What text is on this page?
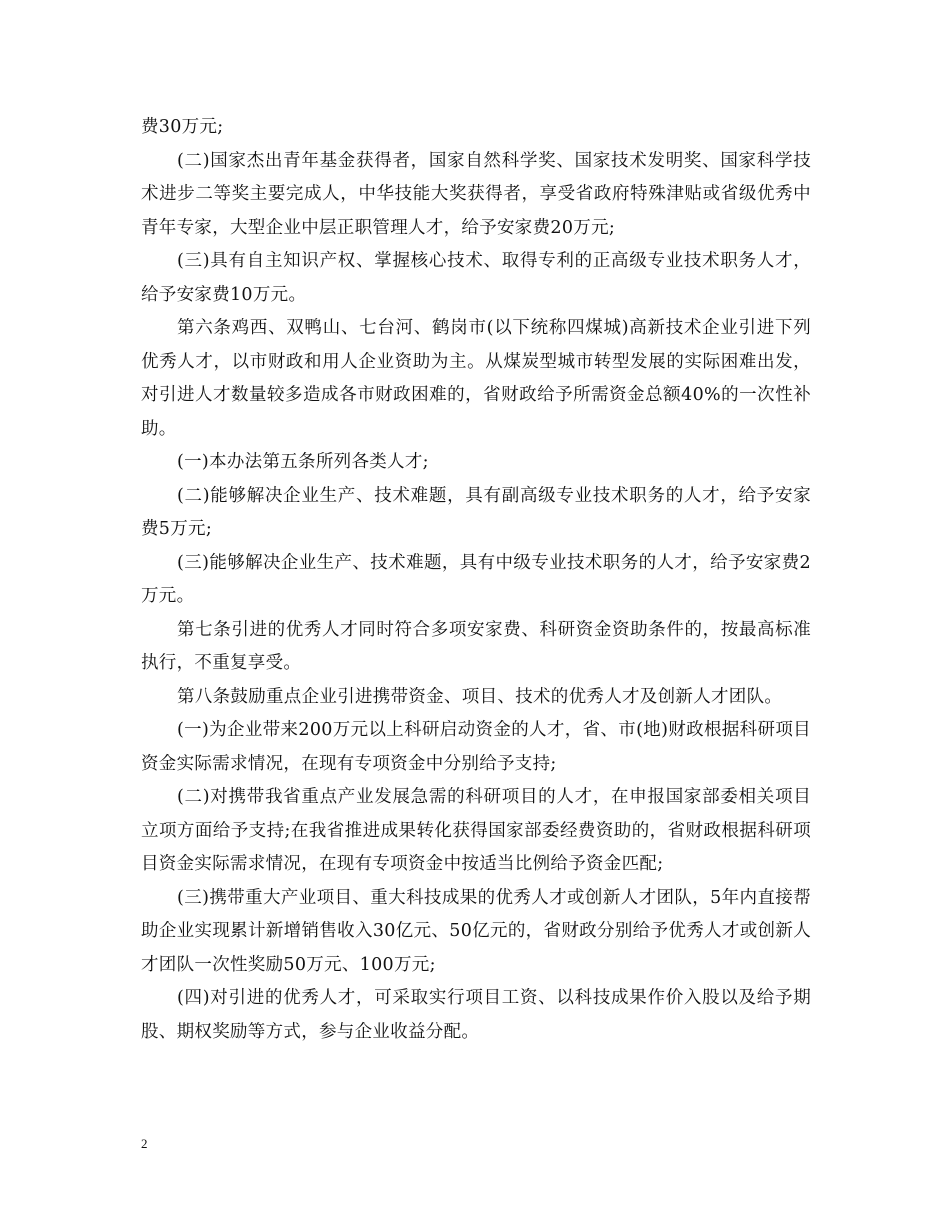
费30万元;

(二)国家杰出青年基金获得者，国家自然科学奖、国家技术发明奖、国家科学技术进步二等奖主要完成人，中华技能大奖获得者，享受省政府特殊津贴或省级优秀中青年专家，大型企业中层正职管理人才，给予安家费20万元;

(三)具有自主知识产权、掌握核心技术、取得专利的正高级专业技术职务人才，给予安家费10万元。

第六条鸡西、双鸭山、七台河、鹤岗市(以下统称四煤城)高新技术企业引进下列优秀人才，以市财政和用人企业资助为主。从煤炭型城市转型发展的实际困难出发，对引进人才数量较多造成各市财政困难的，省财政给予所需资金总额40%的一次性补助。

(一)本办法第五条所列各类人才;

(二)能够解决企业生产、技术难题，具有副高级专业技术职务的人才，给予安家费5万元;

(三)能够解决企业生产、技术难题，具有中级专业技术职务的人才，给予安家费2万元。

第七条引进的优秀人才同时符合多项安家费、科研资金资助条件的，按最高标准执行，不重复享受。

第八条鼓励重点企业引进携带资金、项目、技术的优秀人才及创新人才团队。

(一)为企业带来200万元以上科研启动资金的人才，省、市(地)财政根据科研项目资金实际需求情况，在现有专项资金中分别给予支持;

(二)对携带我省重点产业发展急需的科研项目的人才，在申报国家部委相关项目立项方面给予支持;在我省推进成果转化获得国家部委经费资助的，省财政根据科研项目资金实际需求情况，在现有专项资金中按适当比例给予资金匹配;

(三)携带重大产业项目、重大科技成果的优秀人才或创新人才团队，5年内直接帮助企业实现累计新增销售收入30亿元、50亿元的，省财政分别给予优秀人才或创新人才团队一次性奖励50万元、100万元;

(四)对引进的优秀人才，可采取实行项目工资、以科技成果作价入股以及给予期股、期权奖励等方式，参与企业收益分配。

2
